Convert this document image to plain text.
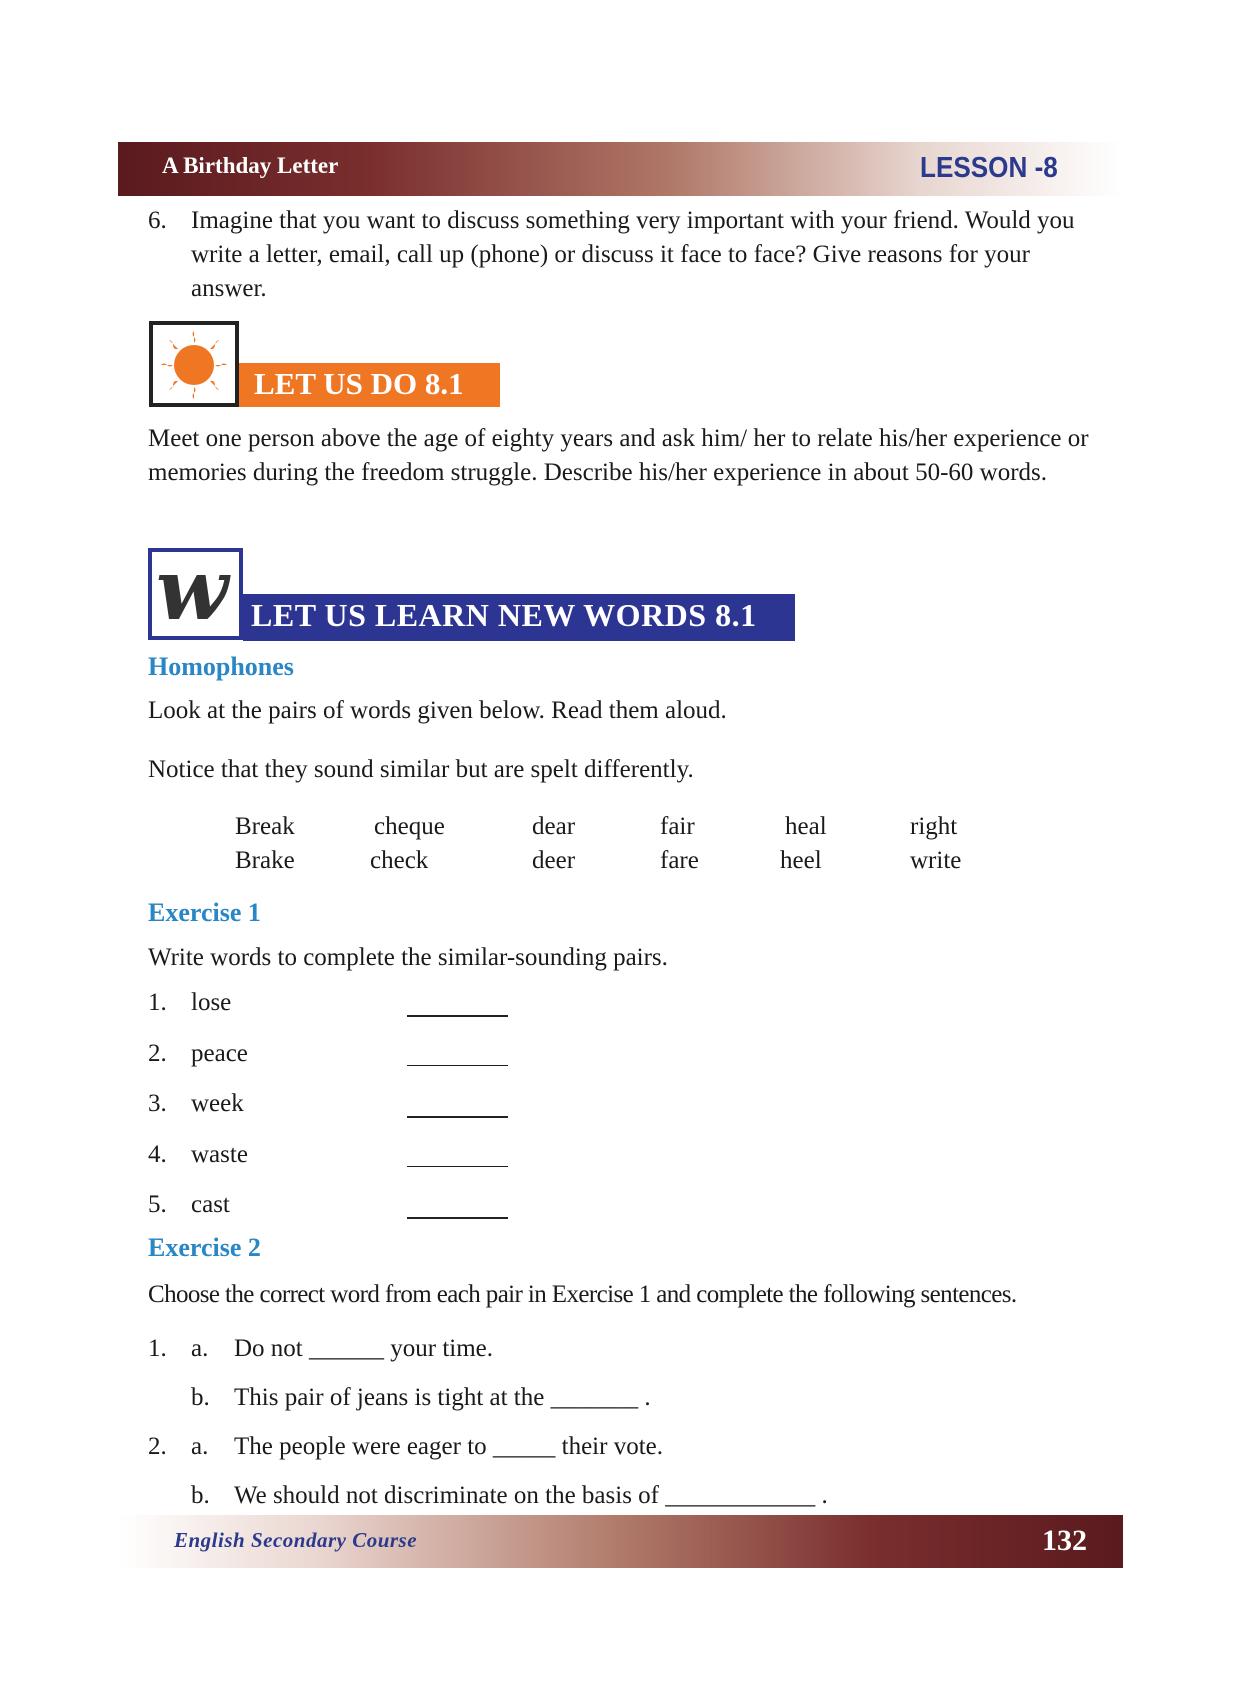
A Birthday Letter	LESSON -8
6. Imagine that you want to discuss something very important with your friend. Would you write a letter, email, call up (phone) or discuss it face to face? Give reasons for your answer.
LET US DO 8.1
Meet one person above the age of eighty years and ask him/ her to relate his/her experience or memories during the freedom struggle. Describe his/her experience in about 50-60 words.
w LET US LEARN NEW WORDS 8.1
Homophones
Look at the pairs of words given below. Read them aloud.
Notice that they sound similar but are spelt differently.
Break	cheque	dear	fair	heal	right
Brake	check	deer	fare	heel	write
Exercise 1
Write words to complete the similar-sounding pairs.
1. lose
2. peace
3. week
4. waste
5. cast
Exercise 2
Choose the correct word from each pair in Exercise 1 and complete the following sentences.
1. a. Do not ______ your time.
b. This pair of jeans is tight at the _______ .
2. a. The people were eager to _____ their vote.
b. We should not discriminate on the basis of ____________ .
English Secondary Course	132
